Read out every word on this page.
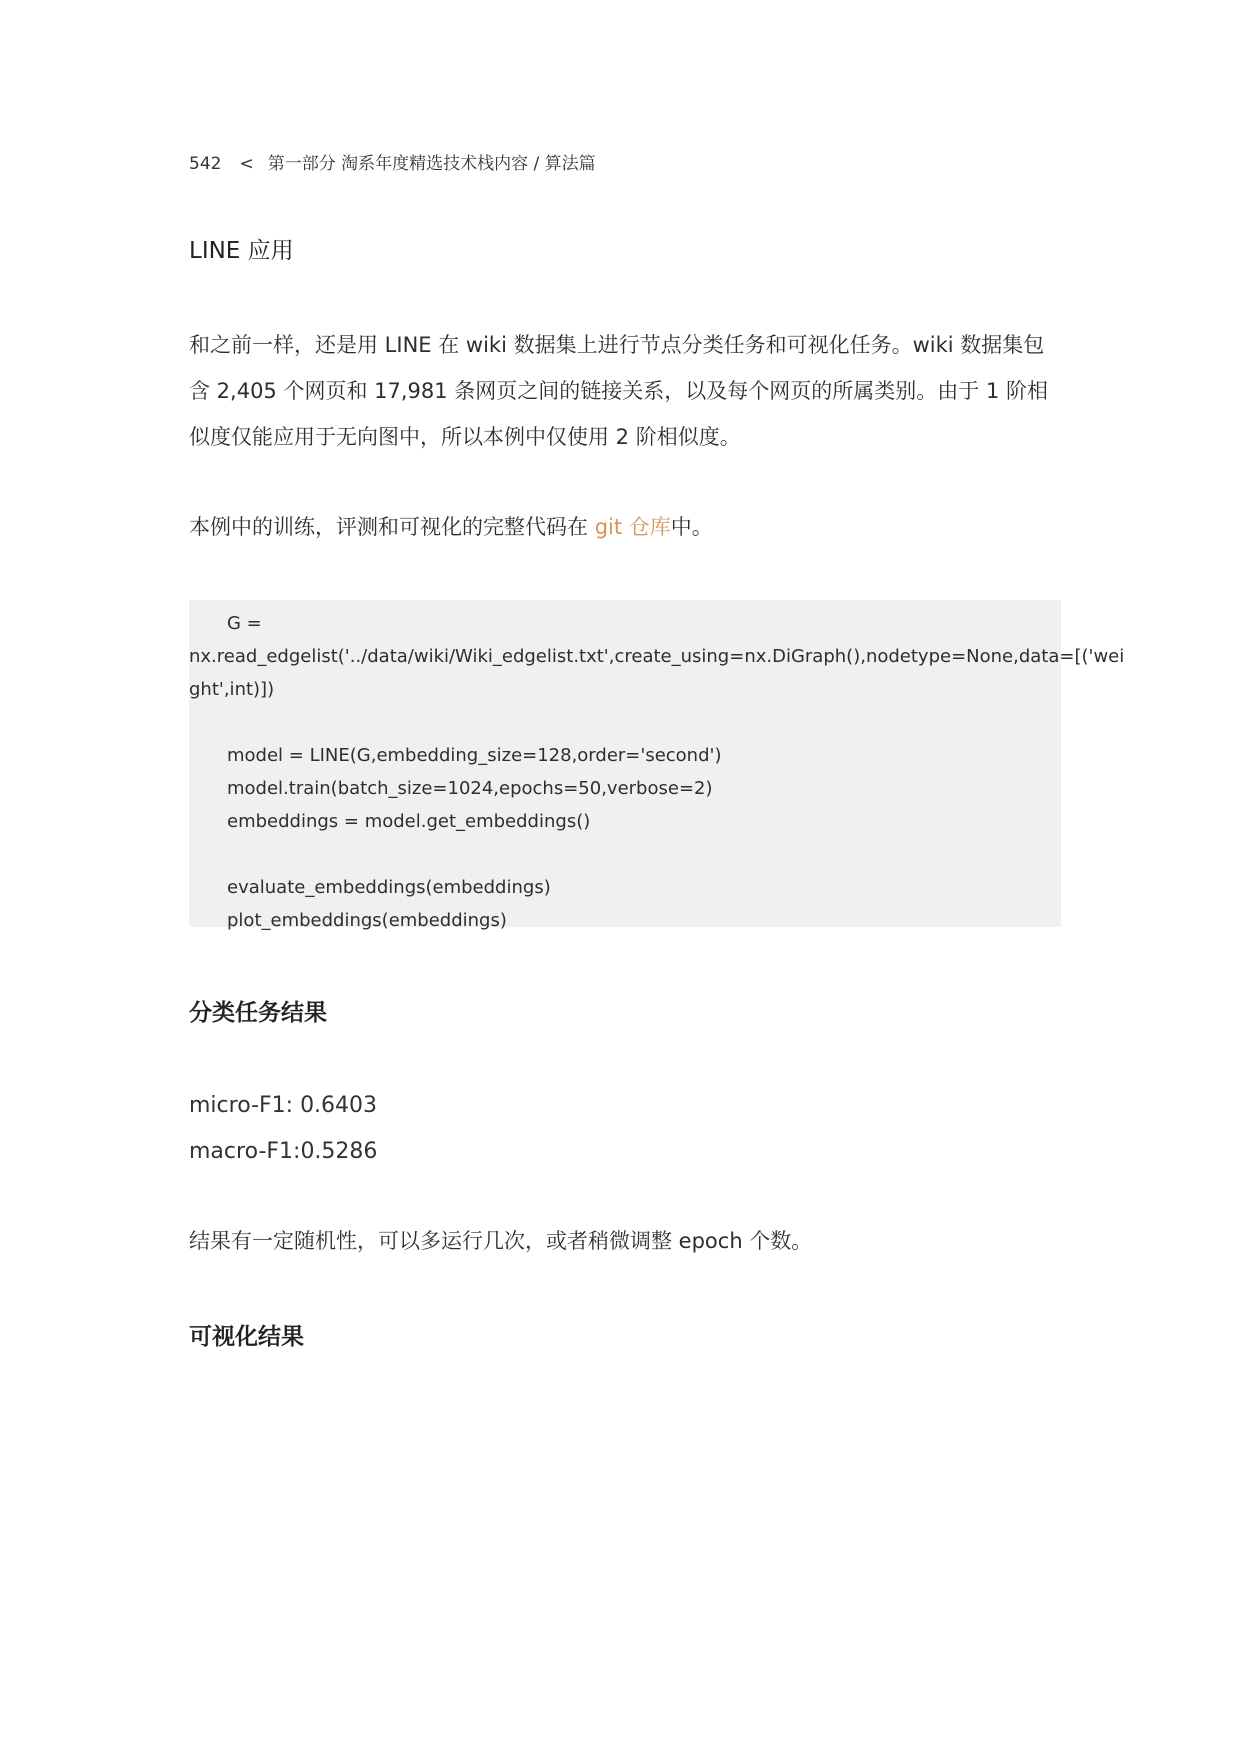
542 < 第一部分 淘系年度精选技术栈内容 / 算法篇
LINE 应用
和之前一样，还是用 LINE 在 wiki 数据集上进行节点分类任务和可视化任务。wiki 数据集包
含 2,405 个网页和 17,981 条网页之间的链接关系，以及每个网页的所属类别。由于 1 阶相
似度仅能应用于无向图中，所以本例中仅使用 2 阶相似度。
本例中的训练，评测和可视化的完整代码在 git 仓库中。
G =
nx.read_edgelist('../data/wiki/Wiki_edgelist.txt',create_using=nx.DiGraph(),nodetype=None,data=[('wei
ght',int)])
model = LINE(G,embedding_size=128,order='second')
model.train(batch_size=1024,epochs=50,verbose=2)
embeddings = model.get_embeddings()
evaluate_embeddings(embeddings)
plot_embeddings(embeddings)
分类任务结果
micro-F1: 0.6403
macro-F1:0.5286
结果有一定随机性，可以多运行几次，或者稍微调整 epoch 个数。
可视化结果
